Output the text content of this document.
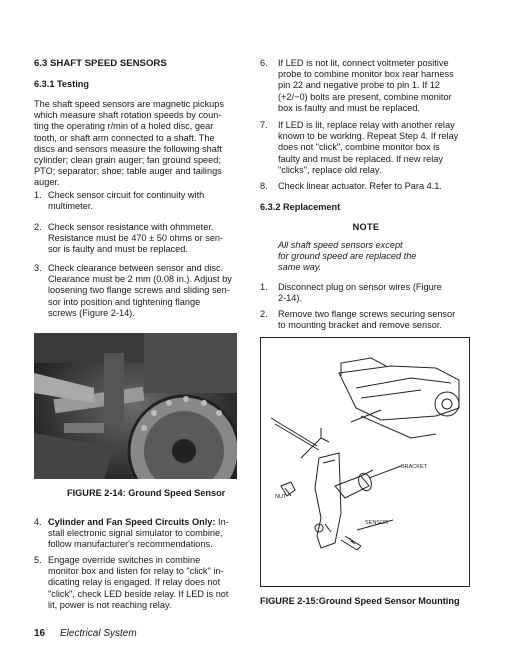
6.3 SHAFT SPEED SENSORS
6.3.1 Testing
The shaft speed sensors are magnetic pickups
which measure shaft rotation speeds by coun-
ting the operating r/min of a holed disc, gear
tooth, or shaft arm connected to a shaft. The
discs and sensors measure the following shaft
cylinder; clean grain auger; fan ground speed;
PTO; separator; shoe; table auger and tailings
auger.
1. Check sensor circuit for continuity with
multimeter.
2. Check sensor resistance with ohmmeter.
Resistance must be 470 ± 50 ohms or sen-
sor is faulty and must be replaced.
3. Check clearance between sensor and disc.
Clearance must be 2 mm (0.08 in.). Adjust by
loosening two flange screws and sliding sen-
sor into position and tightening flange
screws (Figure 2-14).
FIGURE 2-14: Ground Speed Sensor
4. Cylinder and Fan Speed Circuits Only: In-
stall electronic signal simulator to combine,
follow manufacturer's recommendations.
5. Engage override switches in combine
monitor box and listen for relay to "click" in-
dicating relay is engaged. If relay does not
"click", check LED beside relay. If LED is not
lit, power is not reaching relay.
6. If LED is not lit, connect voltmeter positive
probe to combine monitor box rear harness
pin 22 and negative probe to pin 1. If 12
(+2/−0) bolts are present, combine monitor
box is faulty and must be replaced.
7. If LED is lit, replace relay with another relay
known to be working. Repeat Step 4. If relay
does not "click", combine monitor box is
faulty and must be replaced. If new relay
"clicks", replace old relay.
8. Check linear actuator. Refer to Para 4.1.
6.3.2 Replacement
NOTE
All shaft speed sensors except
for ground speed are replaced the
same way.
1. Disconnect plug on sensor wires (Figure
2-14).
2. Remove two flange screws securing sensor
to mounting bracket and remove sensor.
FIGURE 2-15:Ground Speed Sensor Mounting
BRACKET
NUT
SENSOR
16 Electrical System
